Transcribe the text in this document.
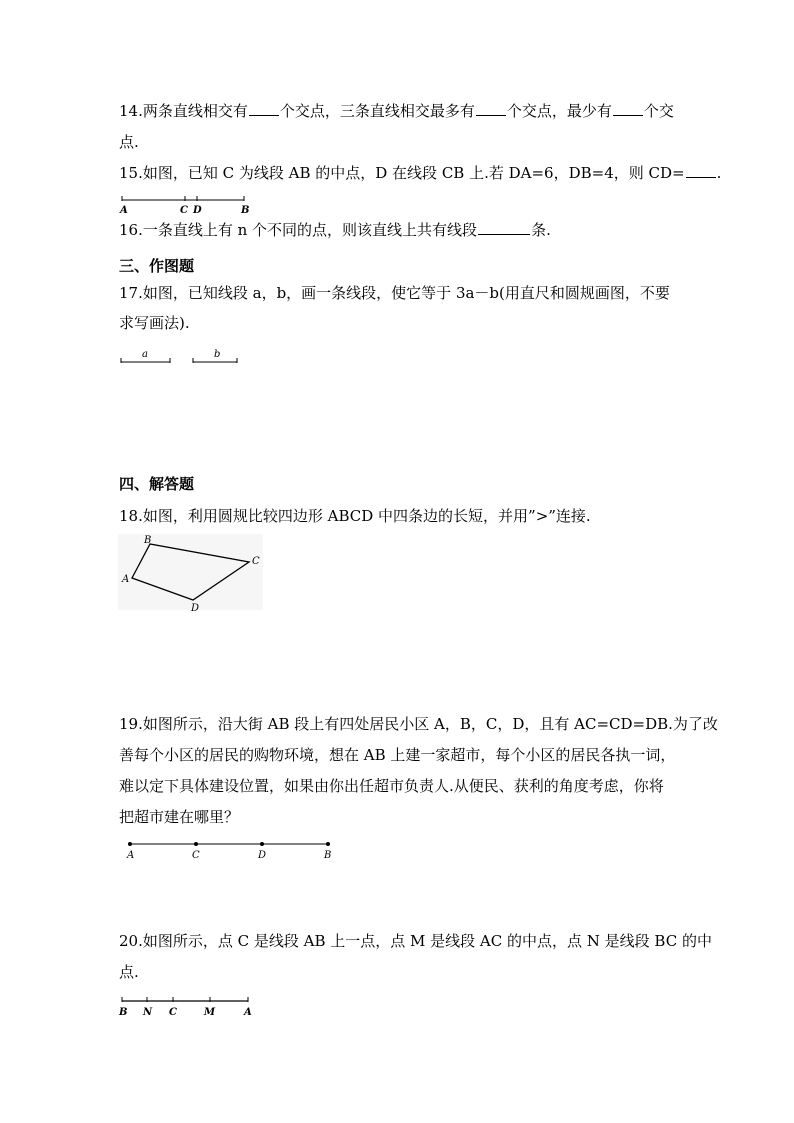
14.两条直线相交有 个交点，三条直线相交最多有 个交点，最少有 个交
点.
15.如图，已知 C 为线段 AB 的中点，D 在线段 CB 上.若 DA=6，DB=4，则 CD= .
A	C D	B
16.一条直线上有 n 个不同的点，则该直线上共有线段	条.
三、作图题
17.如图，已知线段 a，b，画一条线段，使它等于 3a－b(用直尺和圆规画图，不要
求写画法).
a	b
四、解答题
18.如图，利用圆规比较四边形 ABCD 中四条边的长短，并用”>”连接.
A
B
C
D
19.如图所示，沿大街 AB 段上有四处居民小区 A，B，C，D，且有 AC=CD=DB.为了改
善每个小区的居民的购物环境，想在 AB 上建一家超市，每个小区的居民各执一词，
难以定下具体建设位置，如果由你出任超市负责人.从便民、获利的角度考虑，你将
把超市建在哪里？
A	C	D	B
20.如图所示，点 C 是线段 AB 上一点，点 M 是线段 AC 的中点，点 N 是线段 BC 的中
点.
B N C	M	A
